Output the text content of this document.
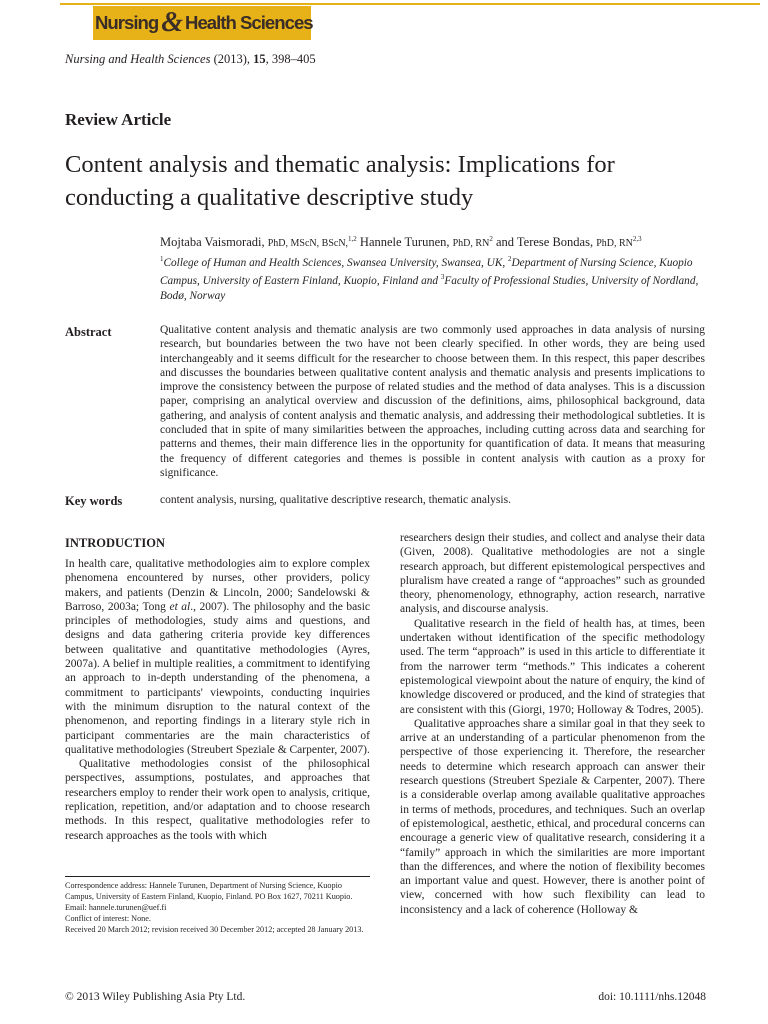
Nursing & Health Sciences
Nursing and Health Sciences (2013), 15, 398–405
Review Article
Content analysis and thematic analysis: Implications for conducting a qualitative descriptive study
Mojtaba Vaismoradi, PhD, MScN, BScN,$^{1,2}$ Hannele Turunen, PhD, $RN^2$ and Terese Bondas, PhD, RN$^{2,3}$
$^1$College of Human and Health Sciences, Swansea University, Swansea, UK, $^2$Department of Nursing Science, Kuopio Campus, University of Eastern Finland, Kuopio, Finland and $^3$Faculty of Professional Studies, University of Nordland, Bodø, Norway
Abstract	Qualitative content analysis and thematic analysis are two commonly used approaches in data analysis of nursing research, but boundaries between the two have not been clearly specified. In other words, they are being used interchangeably and it seems difficult for the researcher to choose between them. In this respect, this paper describes and discusses the boundaries between qualitative content analysis and thematic analysis and presents implications to improve the consistency between the purpose of related studies and the method of data analyses. This is a discussion paper, comprising an analytical overview and discussion of the definitions, aims, philosophical background, data gathering, and analysis of content analysis and thematic analysis, and addressing their methodological subtleties. It is concluded that in spite of many similarities between the approaches, including cutting across data and searching for patterns and themes, their main difference lies in the opportunity for quantification of data. It means that measuring the frequency of different categories and themes is possible in content analysis with caution as a proxy for significance.

Key words	content analysis, nursing, qualitative descriptive research, thematic analysis.
INTRODUCTION

In health care, qualitative methodologies aim to explore complex phenomena encountered by nurses, other providers, policy makers, and patients (Denzin & Lincoln, 2000; Sandelowski & Barroso, 2003a; Tong et al., 2007). The philosophy and the basic principles of methodologies, study aims and questions, and designs and data gathering criteria provide key differences between qualitative and quantitative methodologies (Ayres, 2007a). A belief in multiple realities, a commitment to identifying an approach to in-depth understanding of the phenomena, a commitment to participants' viewpoints, conducting inquiries with the minimum disruption to the natural context of the phenomenon, and reporting findings in a literary style rich in participant commentaries are the main characteristics of qualitative methodologies (Streubert Speziale & Carpenter, 2007).

Qualitative methodologies consist of the philosophical perspectives, assumptions, postulates, and approaches that researchers employ to render their work open to analysis, critique, replication, repetition, and/or adaptation and to choose research methods. In this respect, qualitative methodologies refer to research approaches as the tools with which

researchers design their studies, and collect and analyse their data (Given, 2008). Qualitative methodologies are not a single research approach, but different epistemological perspectives and pluralism have created a range of “approaches” such as grounded theory, phenomenology, ethnography, action research, narrative analysis, and discourse analysis.

Qualitative research in the field of health has, at times, been undertaken without identification of the specific methodology used. The term “approach” is used in this article to differentiate it from the narrower term “methods.” This indicates a coherent epistemological viewpoint about the nature of enquiry, the kind of knowledge discovered or produced, and the kind of strategies that are consistent with this (Giorgi, 1970; Holloway & Todres, 2005).

Qualitative approaches share a similar goal in that they seek to arrive at an understanding of a particular phenomenon from the perspective of those experiencing it. Therefore, the researcher needs to determine which research approach can answer their research questions (Streubert Speziale & Carpenter, 2007). There is a considerable overlap among available qualitative approaches in terms of methods, procedures, and techniques. Such an overlap of epistemological, aesthetic, ethical, and procedural concerns can encourage a generic view of qualitative research, considering it a “family” approach in which the similarities are more important than the differences, and where the notion of flexibility becomes an important value and quest. However, there is another point of view, concerned with how such flexibility can lead to inconsistency and a lack of coherence (Holloway &

Correspondence address: Hannele Turunen, Department of Nursing Science, Kuopio Campus, University of Eastern Finland, Kuopio, Finland. PO Box 1627, 70211 Kuopio. Email: hannele.turunen@uef.fi
Conflict of interest: None.
Received 20 March 2012; revision received 30 December 2012; accepted 28 January 2013.
© 2013 Wiley Publishing Asia Pty Ltd.	doi: 10.1111/nhs.12048
